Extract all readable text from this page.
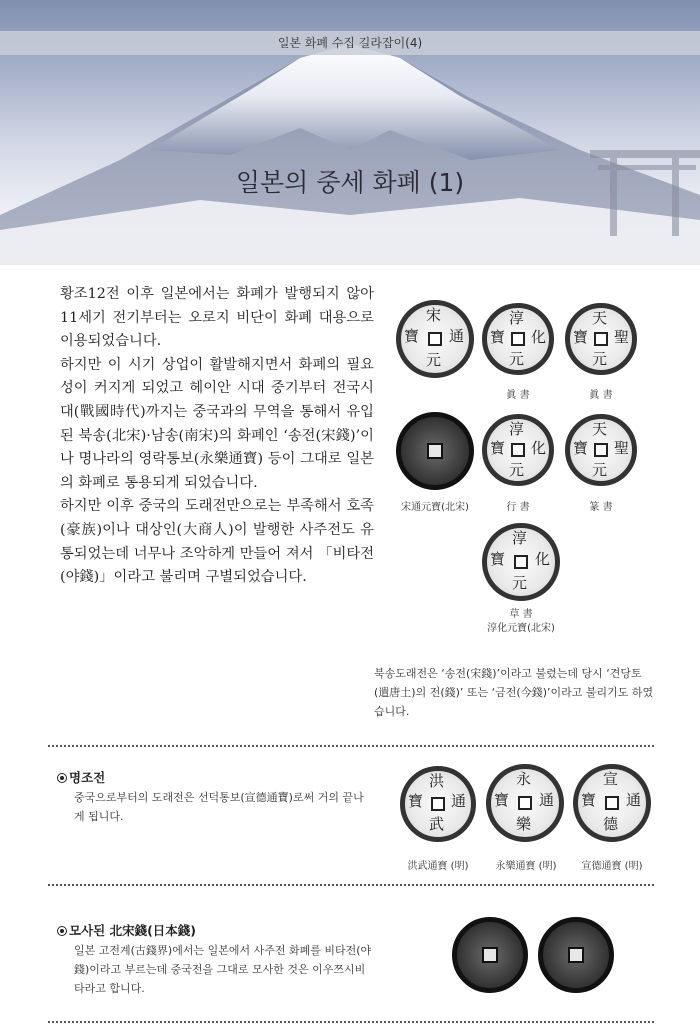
일본 화폐 수집 길라잡이(4)
일본의 중세 화폐 (1)

황조12전 이후 일본에서는 화폐가 발행되지 않아 11세기 전기부터는 오로지 비단이 화폐 대용으로 이용되었습니다.

하지만 이 시기 상업이 활발해지면서 화폐의 필요성이 커지게 되었고 헤이안 시대 중기부터 전국시대(戰國時代)까지는 중국과의 무역을 통해서 유입된 북송(北宋)·남송(南宋)의 화폐인 ‘송전(宋錢)’이나 명나라의 영락통보(永樂通寶) 등이 그대로 일본의 화폐로 통용되게 되었습니다.

하지만 이후 중국의 도래전만으로는 부족해서 호족(豪族)이나 대상인(大商人)이 발행한 사주전도 유통되었는데 너무나 조악하게 만들어 져서 「비타전(야錢)」이라고 불리며 구별되었습니다.

宋
通
元
寶
淳
化
元
寶
天
聖
元
寶
眞 書	眞 書
淳
化
元
寶
天
聖
元
寶
宋通元寶(北宋)	行 書	篆 書
淳
化
元
寶
草 書
淳化元寶(北宋)
북송도래전은 ‘송전(宋錢)’이라고 불렸는데 당시 ‘견당토(遣唐土)의 전(錢)’ 또는 ‘금전(今錢)’이라고 불리기도 하였습니다.
명조전
중국으로부터의 도래전은 선덕통보(宣德通寶)로써 거의 끝나게 됩니다.
洪
通
武
寶
永
通
樂
寶
宣
通
德
寶
洪武通寶 (明)	永樂通寶 (明)	宣德通寶 (明)
모사된 北宋錢(日本錢)
일본 고전계(古錢界)에서는 일본에서 사주전 화폐를 비타전(야錢)이라고 부르는데 중국전을 그대로 모사한 것은 이우쯔시비타라고 합니다.
